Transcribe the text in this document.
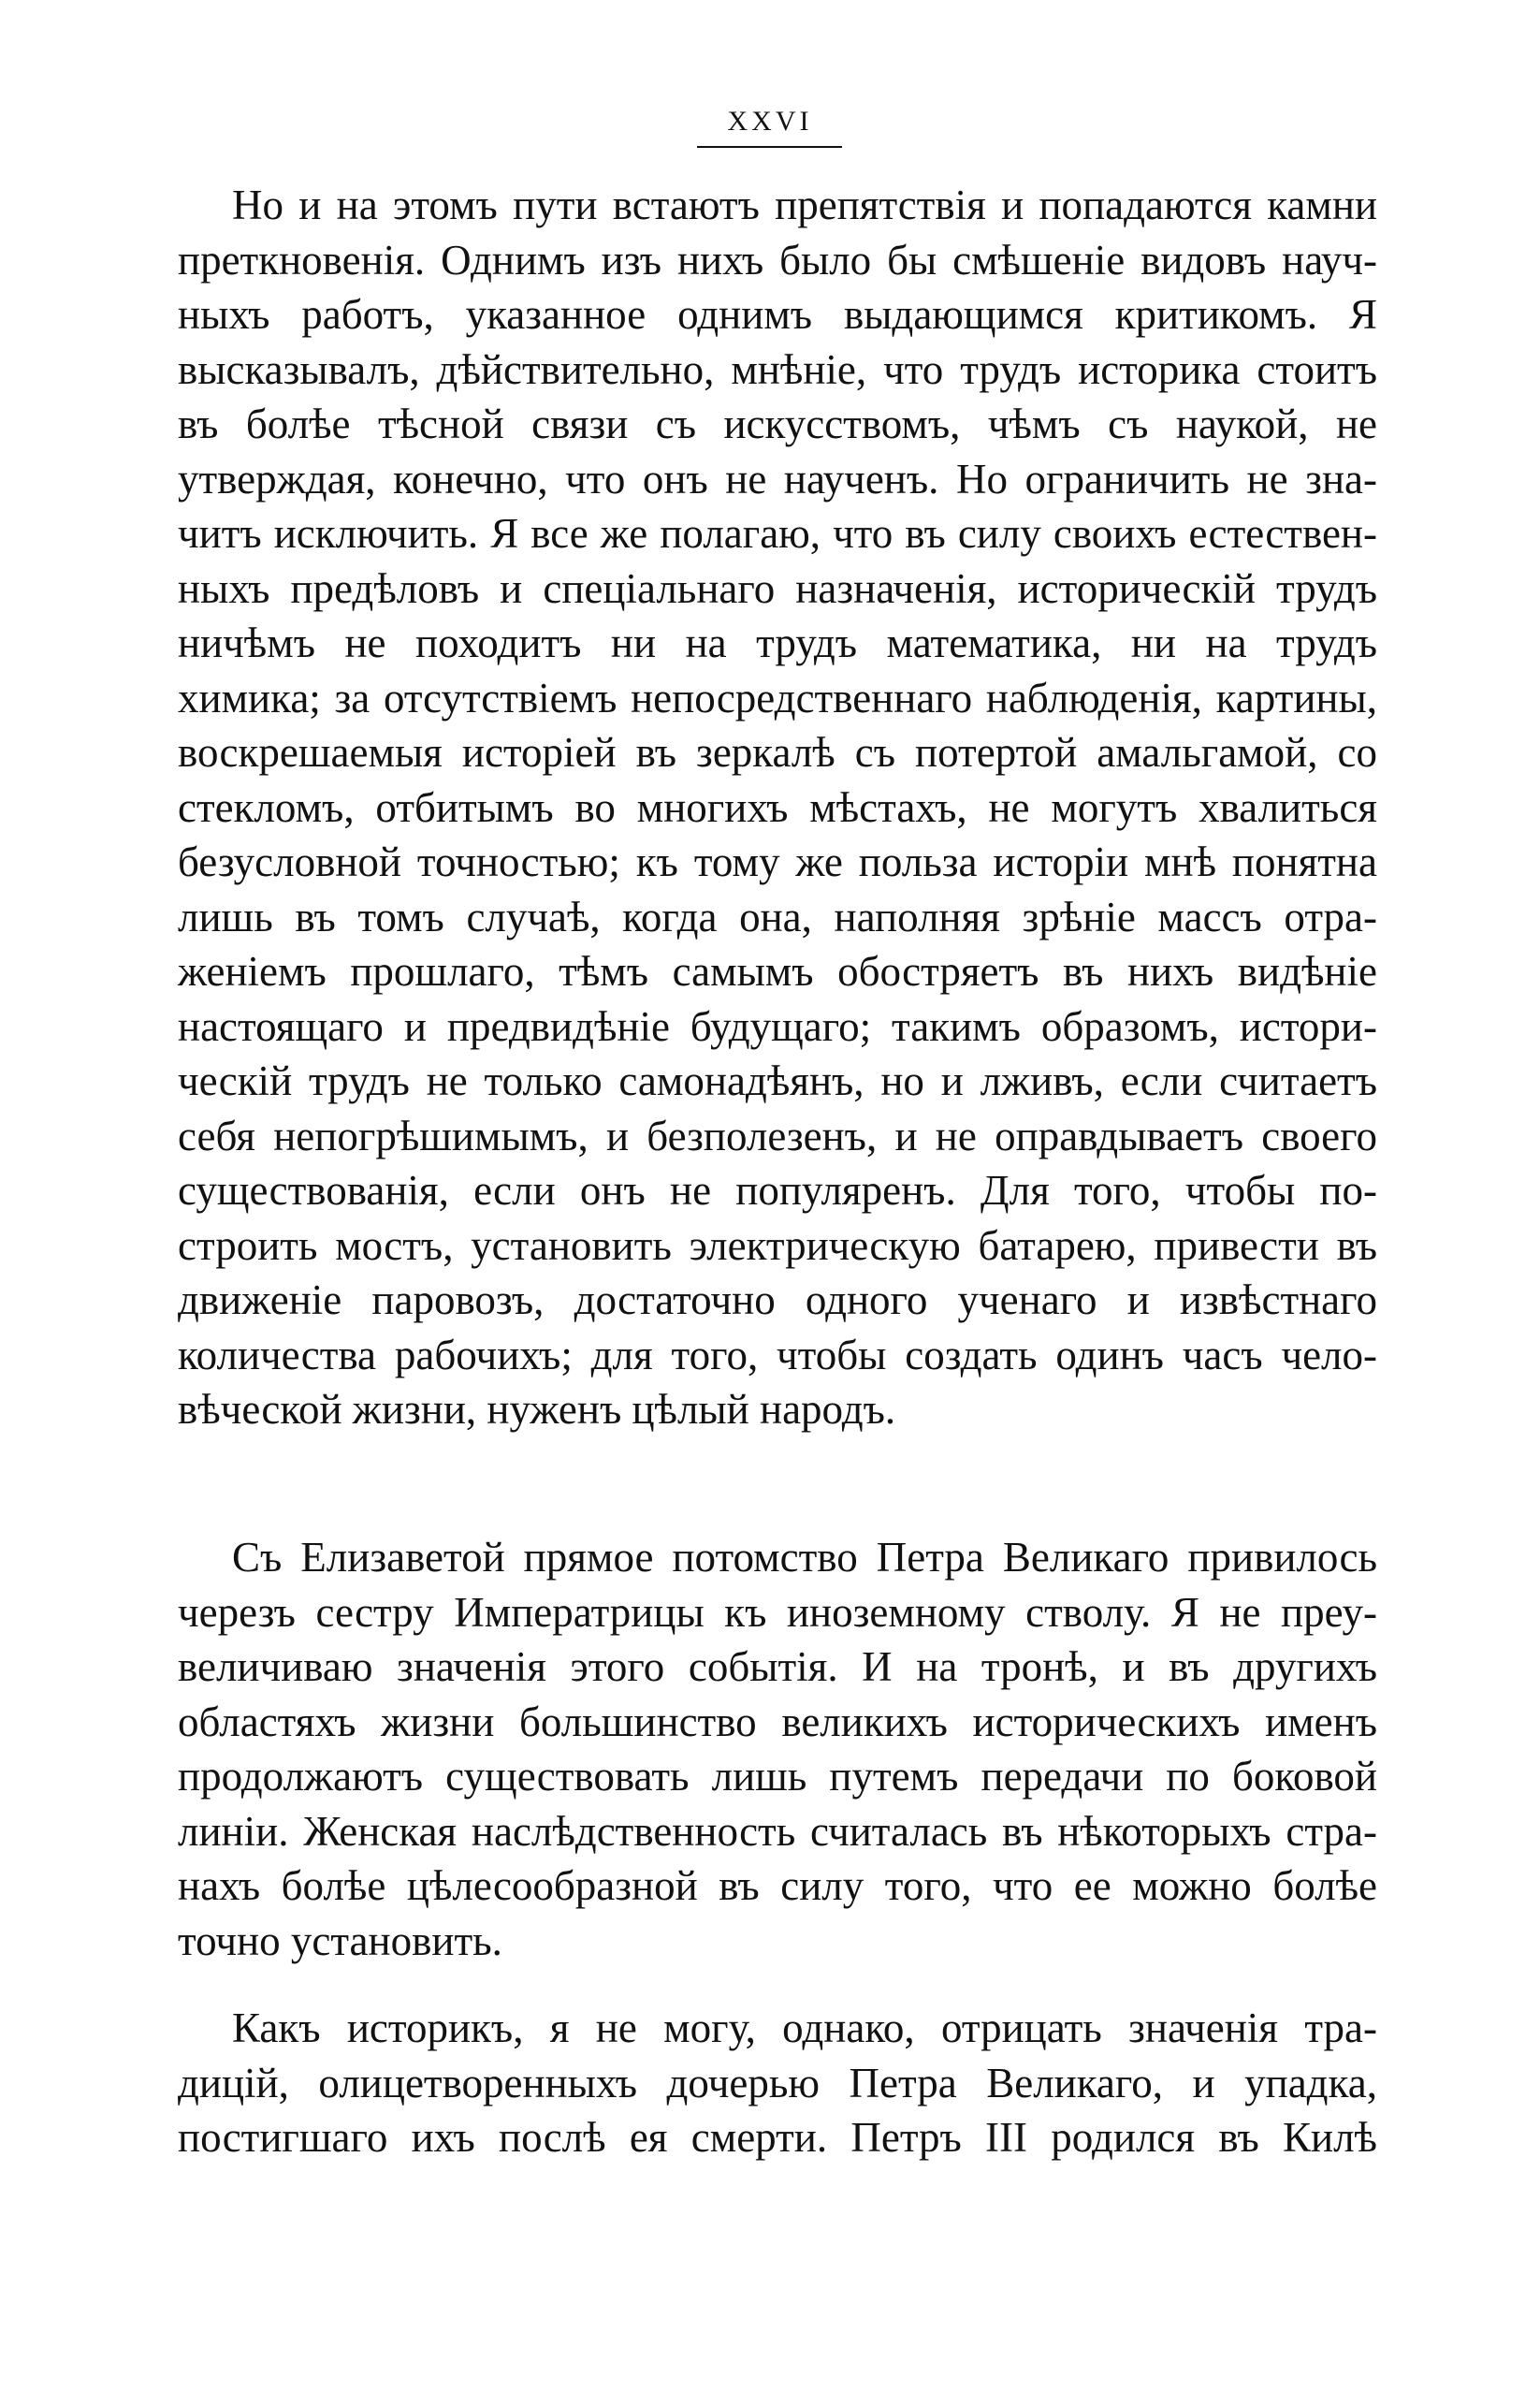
XXVI
Но и на этомъ пути встаютъ препятствія и попадаются камни
преткновенія. Однимъ изъ нихъ было бы смѣшеніе видовъ науч-
ныхъ работъ, указанное однимъ выдающимся критикомъ. Я
высказывалъ, дѣйствительно, мнѣніе, что трудъ историка стоитъ
въ болѣе тѣсной связи съ искусствомъ, чѣмъ съ наукой, не
утверждая, конечно, что онъ не наученъ. Но ограничить не зна-
читъ исключить. Я все же полагаю, что въ силу своихъ естествен-
ныхъ предѣловъ и спеціальнаго назначенія, историческій трудъ
ничѣмъ не походитъ ни на трудъ математика, ни на трудъ
химика; за отсутствіемъ непосредственнаго наблюденія, картины,
воскрешаемыя исторіей въ зеркалѣ съ потертой амальгамой, со
стекломъ, отбитымъ во многихъ мѣстахъ, не могутъ хвалиться
безусловной точностью; къ тому же польза исторіи мнѣ понятна
лишь въ томъ случаѣ, когда она, наполняя зрѣніе массъ отра-
женіемъ прошлаго, тѣмъ самымъ обостряетъ въ нихъ видѣніе
настоящаго и предвидѣніе будущаго; такимъ образомъ, истори-
ческій трудъ не только самонадѣянъ, но и лживъ, если считаетъ
себя непогрѣшимымъ, и безполезенъ, и не оправдываетъ своего
существованія, если онъ не популяренъ. Для того, чтобы по-
строить мостъ, установить электрическую батарею, привести въ
движеніе паровозъ, достаточно одного ученаго и извѣстнаго
количества рабочихъ; для того, чтобы создать одинъ часъ чело-
вѣческой жизни, нуженъ цѣлый народъ.
Съ Елизаветой прямое потомство Петра Великаго привилось
черезъ сестру Императрицы къ иноземному стволу. Я не преу-
величиваю значенія этого событія. И на тронѣ, и въ другихъ
областяхъ жизни большинство великихъ историческихъ именъ
продолжаютъ существовать лишь путемъ передачи по боковой
линіи. Женская наслѣдственность считалась въ нѣкоторыхъ стра-
нахъ болѣе цѣлесообразной въ силу того, что ее можно болѣе
точно установить.
Какъ историкъ, я не могу, однако, отрицать значенія тра-
дицій, олицетворенныхъ дочерью Петра Великаго, и упадка,
постигшаго ихъ послѣ ея смерти. Петръ III родился въ Килѣ
